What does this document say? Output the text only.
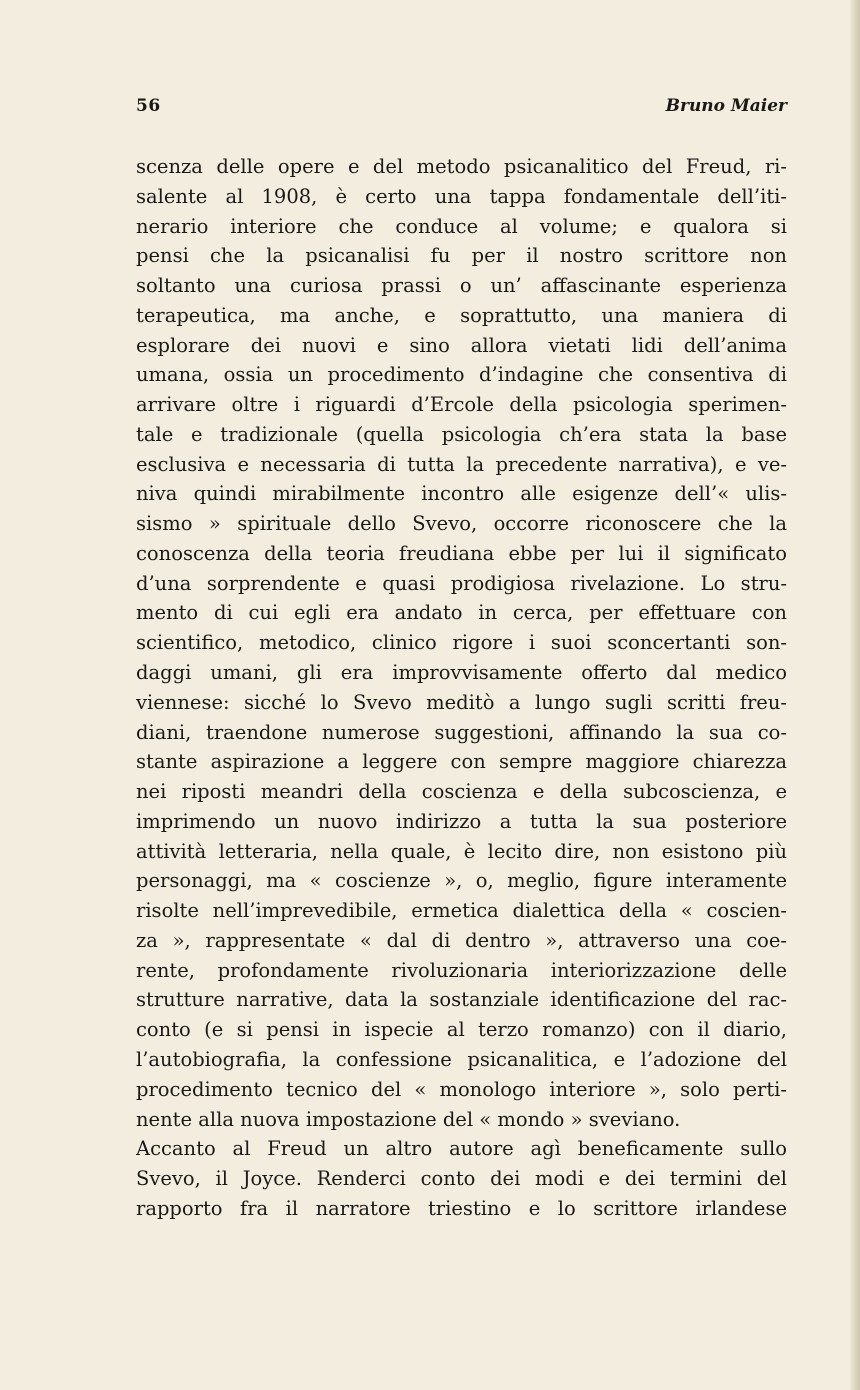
56	Bruno Maier
scenza delle opere e del metodo psicanalitico del Freud, ri-
salente al 1908, è certo una tappa fondamentale dell’iti-
nerario interiore che conduce al volume; e qualora si
pensi che la psicanalisi fu per il nostro scrittore non
soltanto una curiosa prassi o un’ affascinante esperienza
terapeutica, ma anche, e soprattutto, una maniera di
esplorare dei nuovi e sino allora vietati lidi dell’anima
umana, ossia un procedimento d’indagine che consentiva di
arrivare oltre i riguardi d’Ercole della psicologia sperimen-
tale e tradizionale (quella psicologia ch’era stata la base
esclusiva e necessaria di tutta la precedente narrativa), e ve-
niva quindi mirabilmente incontro alle esigenze dell’« ulis-
sismo » spirituale dello Svevo, occorre riconoscere che la
conoscenza della teoria freudiana ebbe per lui il significato
d’una sorprendente e quasi prodigiosa rivelazione. Lo stru-
mento di cui egli era andato in cerca, per effettuare con
scientifico, metodico, clinico rigore i suoi sconcertanti son-
daggi umani, gli era improvvisamente offerto dal medico
viennese: sicché lo Svevo meditò a lungo sugli scritti freu-
diani, traendone numerose suggestioni, affinando la sua co-
stante aspirazione a leggere con sempre maggiore chiarezza
nei riposti meandri della coscienza e della subcoscienza, e
imprimendo un nuovo indirizzo a tutta la sua posteriore
attività letteraria, nella quale, è lecito dire, non esistono più
personaggi, ma « coscienze », o, meglio, figure interamente
risolte nell’imprevedibile, ermetica dialettica della « coscien-
za », rappresentate « dal di dentro », attraverso una coe-
rente, profondamente rivoluzionaria interiorizzazione delle
strutture narrative, data la sostanziale identificazione del rac-
conto (e si pensi in ispecie al terzo romanzo) con il diario,
l’autobiografia, la confessione psicanalitica, e l’adozione del
procedimento tecnico del « monologo interiore », solo perti-
nente alla nuova impostazione del « mondo » sveviano.
Accanto al Freud un altro autore agì beneficamente sullo
Svevo, il Joyce. Renderci conto dei modi e dei termini del
rapporto fra il narratore triestino e lo scrittore irlandese
